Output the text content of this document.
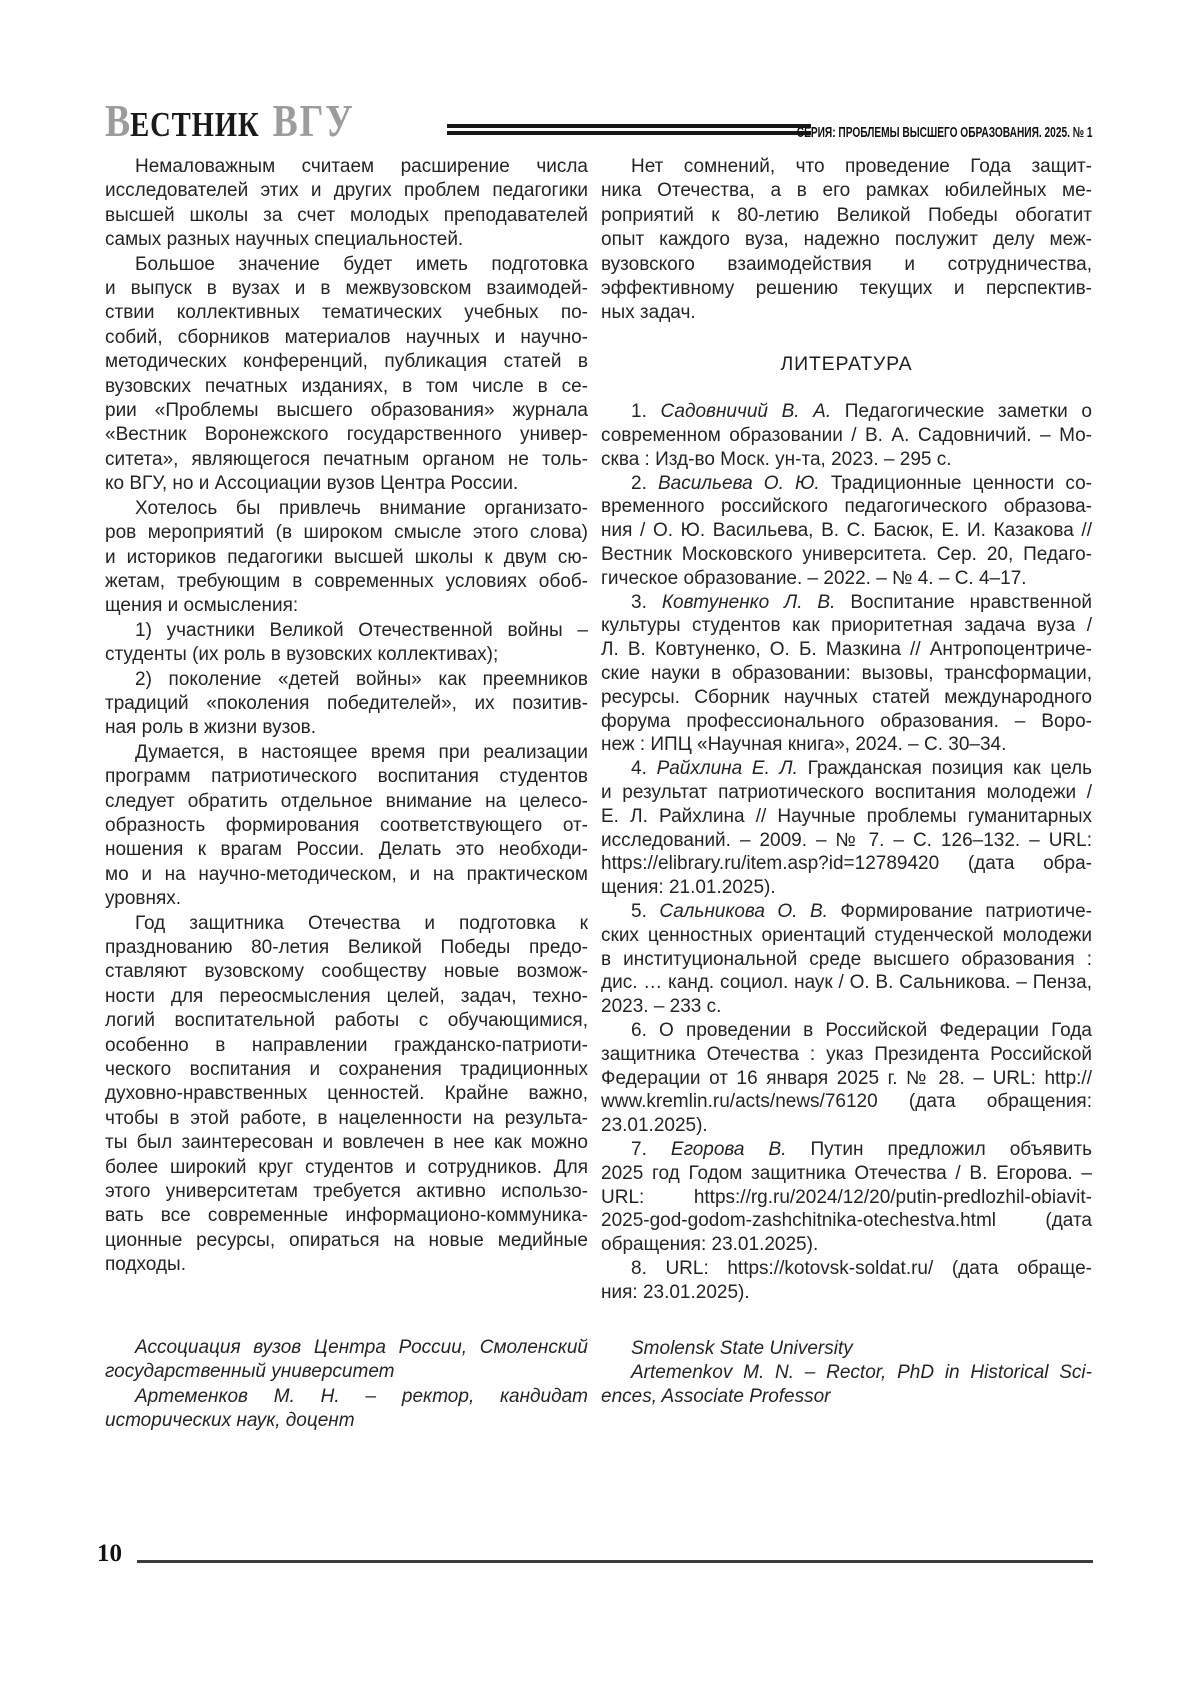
ВЕСТНИК ВГУ	СЕРИЯ: ПРОБЛЕМЫ ВЫСШЕГО ОБРАЗОВАНИЯ. 2025. № 1
Немаловажным считаем расширение числа
исследователей этих и других проблем педагогики
высшей школы за счет молодых преподавателей
самых разных научных специальностей.
Большое значение будет иметь подготовка
и выпуск в вузах и в межвузовском взаимодей-
ствии коллективных тематических учебных по-
собий, сборников материалов научных и научно-
методических конференций, публикация статей в
вузовских печатных изданиях, в том числе в се-
рии «Проблемы высшего образования» журнала
«Вестник Воронежского государственного универ-
ситета», являющегося печатным органом не толь-
ко ВГУ, но и Ассоциации вузов Центра России.
Хотелось бы привлечь внимание организато-
ров мероприятий (в широком смысле этого слова)
и историков педагогики высшей школы к двум сю-
жетам, требующим в современных условиях обоб-
щения и осмысления:
1) участники Великой Отечественной войны –
студенты (их роль в вузовских коллективах);
2) поколение «детей войны» как преемников
традиций «поколения победителей», их позитив-
ная роль в жизни вузов.
Думается, в настоящее время при реализации
программ патриотического воспитания студентов
следует обратить отдельное внимание на целесо-
образность формирования соответствующего от-
ношения к врагам России. Делать это необходи-
мо и на научно-методическом, и на практическом
уровнях.
Год защитника Отечества и подготовка к
празднованию 80-летия Великой Победы предо-
ставляют вузовскому сообществу новые возмож-
ности для переосмысления целей, задач, техно-
логий воспитательной работы с обучающимися,
особенно в направлении гражданско-патриоти-
ческого воспитания и сохранения традиционных
духовно-нравственных ценностей. Крайне важно,
чтобы в этой работе, в нацеленности на результа-
ты был заинтересован и вовлечен в нее как можно
более широкий круг студентов и сотрудников. Для
этого университетам требуется активно использо-
вать все современные информационо-коммуника-
ционные ресурсы, опираться на новые медийные
подходы.
Ассоциация вузов Центра России, Смоленский
государственный университет
Артеменков М. Н. – ректор, кандидат
исторических наук, доцент
Нет сомнений, что проведение Года защит-
ника Отечества, а в его рамках юбилейных ме-
роприятий к 80-летию Великой Победы обогатит
опыт каждого вуза, надежно послужит делу меж-
вузовского взаимодействия и сотрудничества,
эффективному решению текущих и перспектив-
ных задач.
ЛИТЕРАТУРА
1. Садовничий В. А. Педагогические заметки о
современном образовании / В. А. Садовничий. – Мо-
сква : Изд-во Моск. ун-та, 2023. – 295 с.
2. Васильева О. Ю. Традиционные ценности со-
временного российского педагогического образова-
ния / О. Ю. Васильева, В. С. Басюк, Е. И. Казакова //
Вестник Московского университета. Сер. 20, Педаго-
гическое образование. – 2022. – № 4. – С. 4–17.
3. Ковтуненко Л. В. Воспитание нравственной
культуры студентов как приоритетная задача вуза /
Л. В. Ковтуненко, О. Б. Мазкина // Антропоцентриче-
ские науки в образовании: вызовы, трансформации,
ресурсы. Сборник научных статей международного
форума профессионального образования. – Воро-
неж : ИПЦ «Научная книга», 2024. – С. 30–34.
4. Райхлина Е. Л. Гражданская позиция как цель
и результат патриотического воспитания молодежи /
Е. Л. Райхлина // Научные проблемы гуманитарных
исследований. – 2009. – № 7. – С. 126–132. – URL:
https://elibrary.ru/item.asp?id=12789420 (дата обра-
щения: 21.01.2025).
5. Сальникова О. В. Формирование патриотиче-
ских ценностных ориентаций студенческой молодежи
в институциональной среде высшего образования :
дис. … канд. социол. наук / О. В. Сальникова. – Пенза,
2023. – 233 с.
6. О проведении в Российской Федерации Года
защитника Отечества : указ Президента Российской
Федерации от 16 января 2025 г. № 28. – URL: http://
www.kremlin.ru/acts/news/76120 (дата обращения:
23.01.2025).
7. Егорова В. Путин предложил объявить
2025 год Годом защитника Отечества / В. Егорова. –
URL: https://rg.ru/2024/12/20/putin-predlozhil-obiavit-
2025-god-godom-zashchitnika-otechestva.html (дата
обращения: 23.01.2025).
8. URL: https://kotovsk-soldat.ru/ (дата обраще-
ния: 23.01.2025).
Smolensk State University
Artemenkov M. N. – Rector, PhD in Historical Sci-
ences, Associate Professor
10
